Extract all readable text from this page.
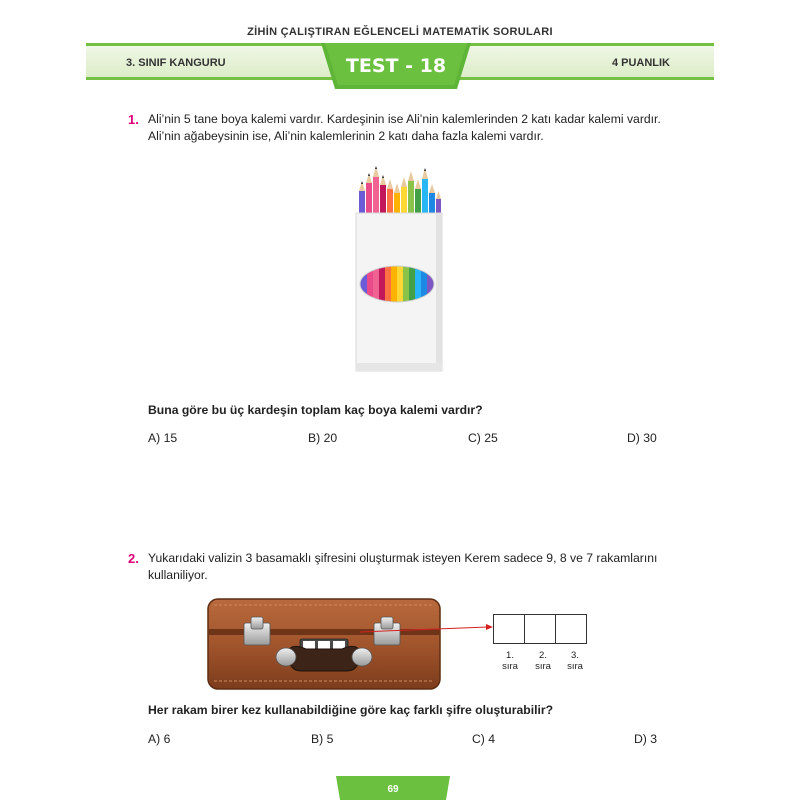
ZİHİN ÇALIŞTIRAN EĞLENCELİ MATEMATİK SORULARI
3. SINIF KANGURU	4 PUANLIK
TEST - 18
1. Ali’nin 5 tane boya kalemi vardır. Kardeşinin ise Ali’nin kalemlerinden 2 katı kadar kalemi vardır.
Ali’nin ağabeysinin ise, Ali’nin kalemlerinin 2 katı daha fazla kalemi vardır.
Buna göre bu üç kardeşin toplam kaç boya kalemi vardır?
A) 15	B) 20	C) 25	D) 30
2. Yukarıdaki valizin 3 basamaklı şifresini oluşturmak isteyen Kerem sadece 9, 8 ve 7 rakamlarını
kullaniliyor.
1.
sıra
2.
sıra
3.
sıra
Her rakam birer kez kullanabildiğine göre kaç farklı şifre oluşturabilir?
A) 6	B) 5	C) 4	D) 3
69
